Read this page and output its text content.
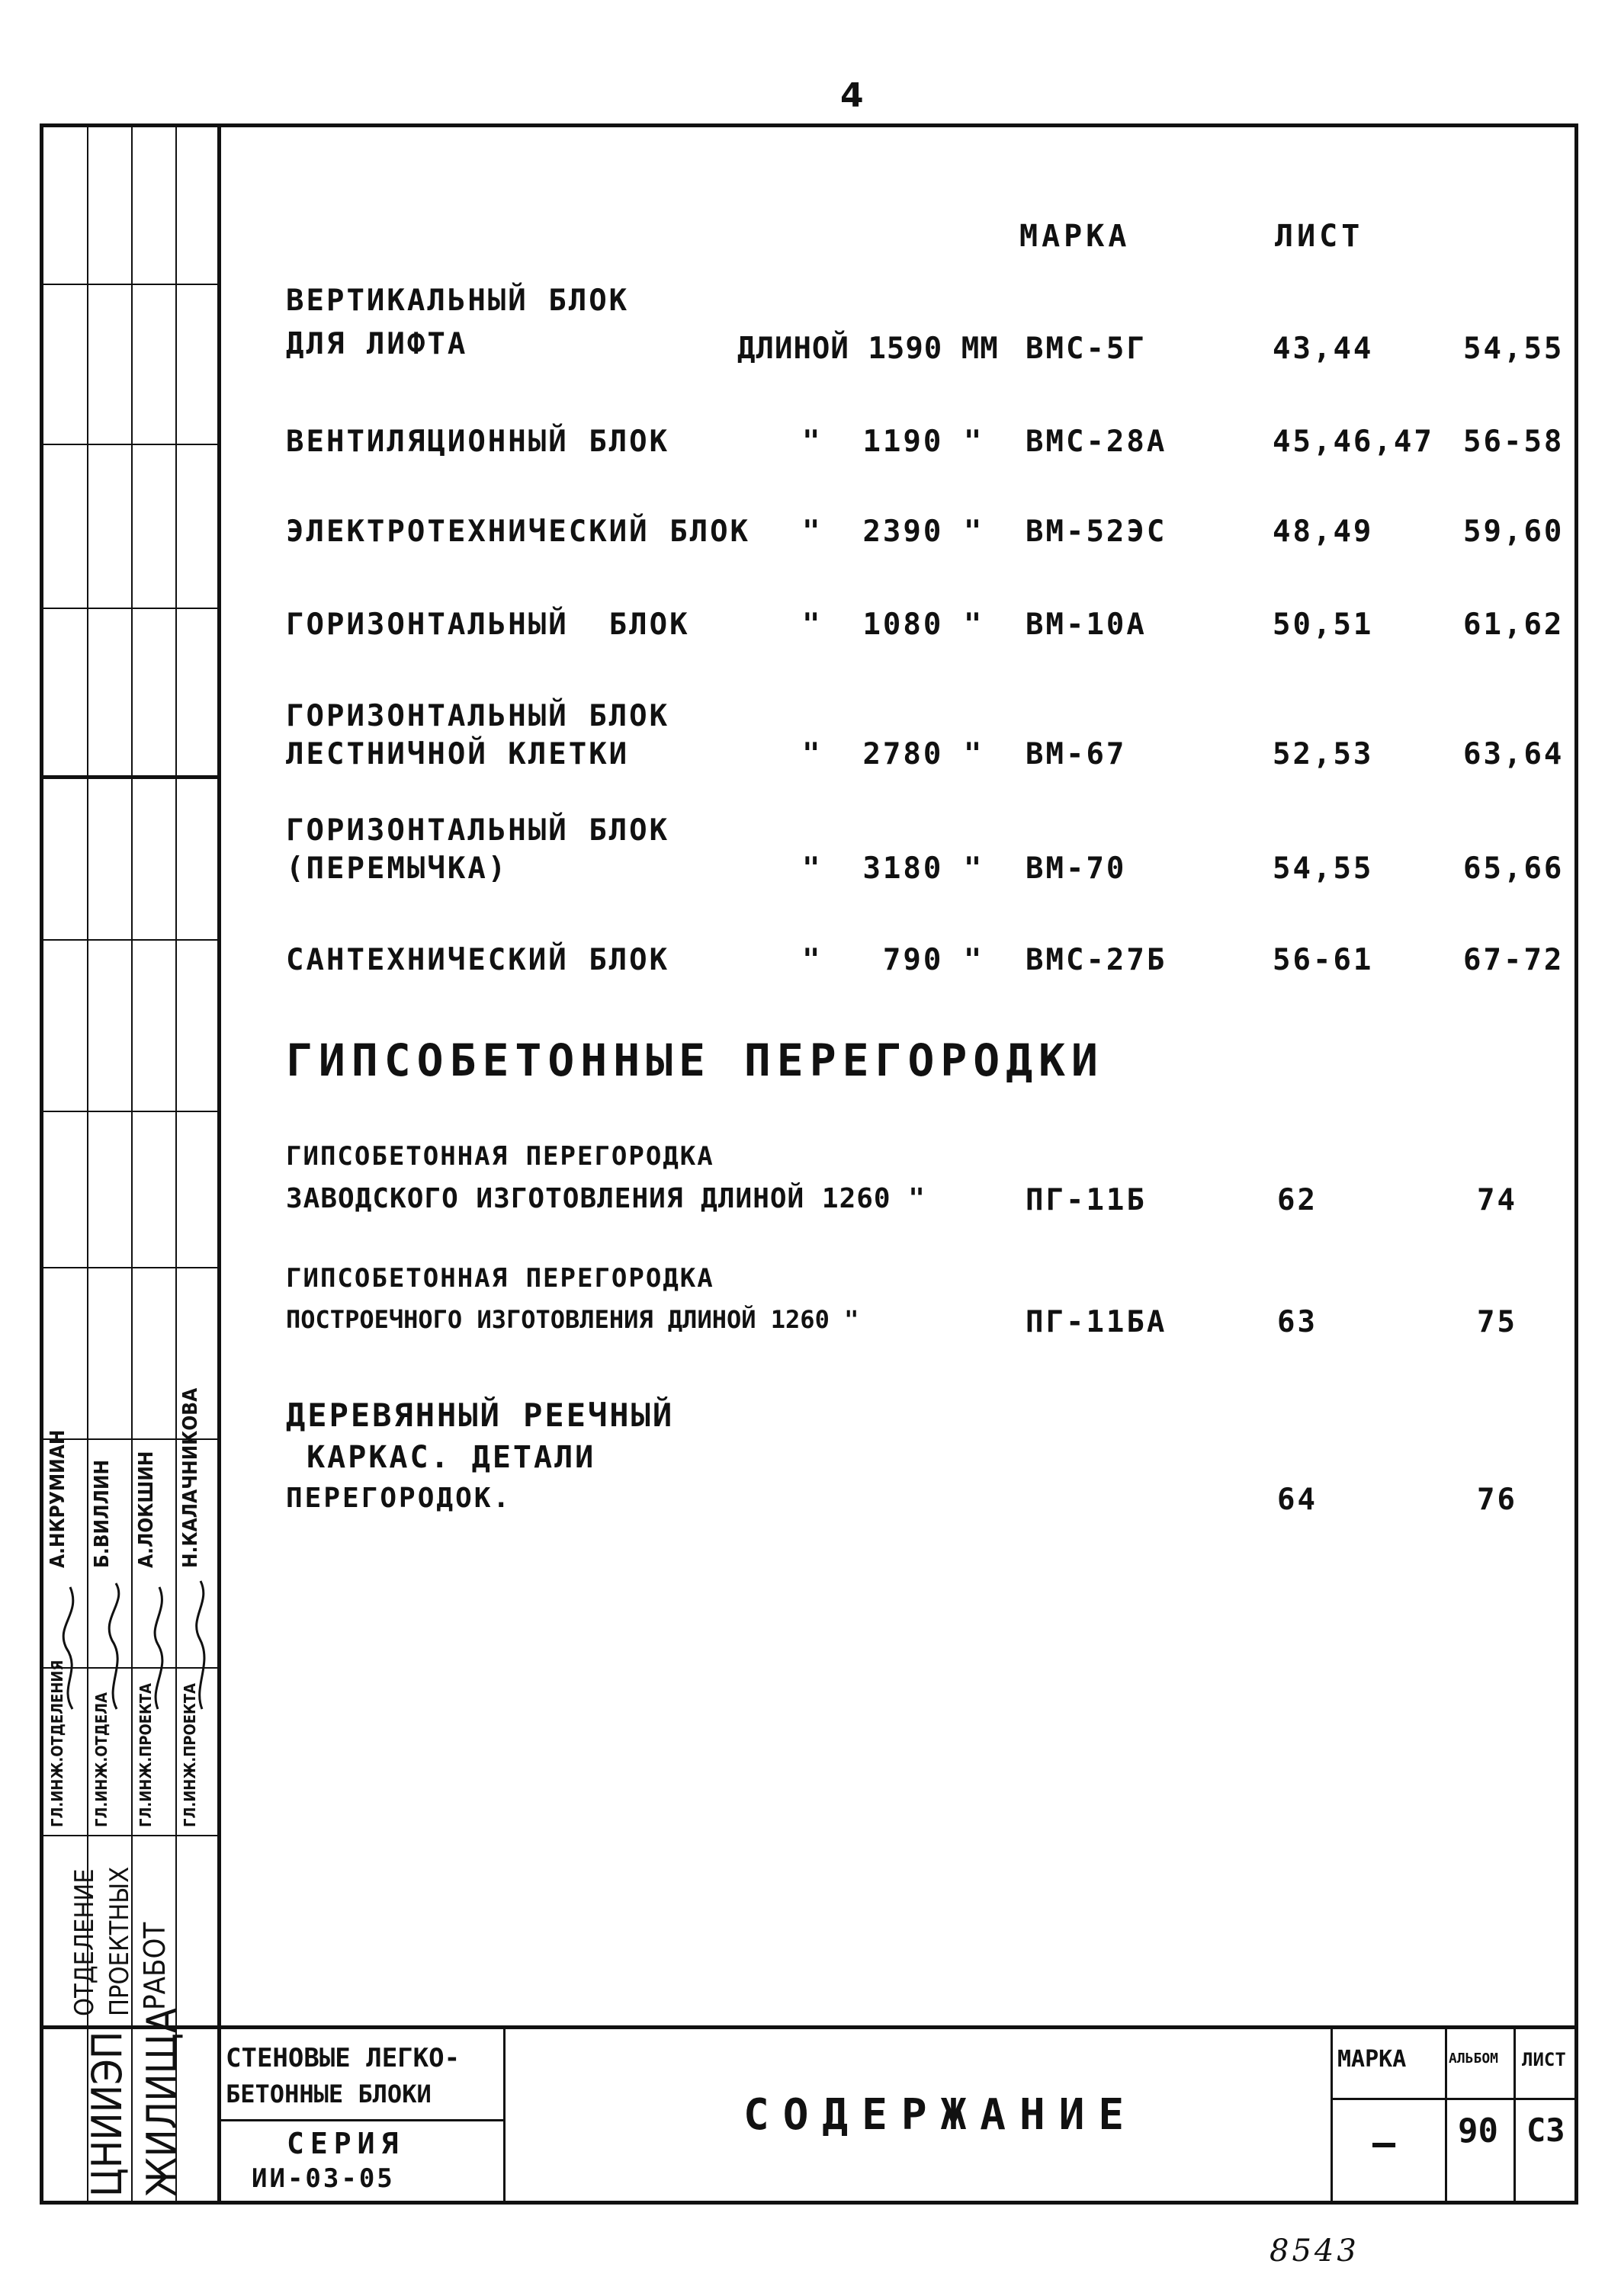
4
А.НКРУМИАН Б.ВИЛЛИН А.ЛОКШИН Н.КАЛАЧНИКОВА
ГЛ.ИНЖ.ОТДЕЛЕНИЯ ГЛ.ИНЖ.ОТДЕЛА ГЛ.ИНЖ.ПРОЕКТА ГЛ.ИНЖ.ПРОЕКТА
ОТДЕЛЕНИЕ ПРОЕКТНЫХ РАБОТ
ЦНИИЭП ЖИЛИЩА
МАРКА	ЛИСТ
ВЕРТИКАЛЬНЫЙ БЛОК
ДЛЯ ЛИФТА	ДЛИНОЙ 1590 ММ ВМС-5Г	43,44	54,55
ВЕНТИЛЯЦИОННЫЙ БЛОК	"  1190 " ВМС-28А	45,46,47 56-58
ЭЛЕКТРОТЕХНИЧЕСКИЙ БЛОК "  2390 " ВМ-52ЭС	48,49	59,60
ГОРИЗОНТАЛЬНЫЙ  БЛОК	"  1080 " ВМ-10А	50,51	61,62
ГОРИЗОНТАЛЬНЫЙ БЛОК
ЛЕСТНИЧНОЙ КЛЕТКИ	"  2780 " ВМ-67	52,53	63,64
ГОРИЗОНТАЛЬНЫЙ БЛОК
(ПЕРЕМЫЧКА)	"  3180 " ВМ-70	54,55	65,66
САНТЕХНИЧЕСКИЙ БЛОК	"   790 " ВМС-27Б	56-61	67-72
ГИПСОБЕТОННЫЕ ПЕРЕГОРОДКИ
ГИПСОБЕТОННАЯ ПЕРЕГОРОДКА
ЗАВОДСКОГО ИЗГОТОВЛЕНИЯ ДЛИНОЙ 1260 "	ПГ-11Б	62	74
ГИПСОБЕТОННАЯ ПЕРЕГОРОДКА
ПОСТРОЕЧНОГО ИЗГОТОВЛЕНИЯ ДЛИНОЙ 1260 "	ПГ-11БА	63	75
ДЕРЕВЯННЫЙ РЕЕЧНЫЙ
КАРКАС. ДЕТАЛИ
ПЕРЕГОРОДОК.	64	76
СТЕНОВЫЕ ЛЕГКО-
БЕТОННЫЕ БЛОКИ
СЕРИЯ
ИИ-03-05
СОДЕРЖАНИЕ
МАРКА
—
АЛЬБОМ
90
ЛИСТ
С3
8543
